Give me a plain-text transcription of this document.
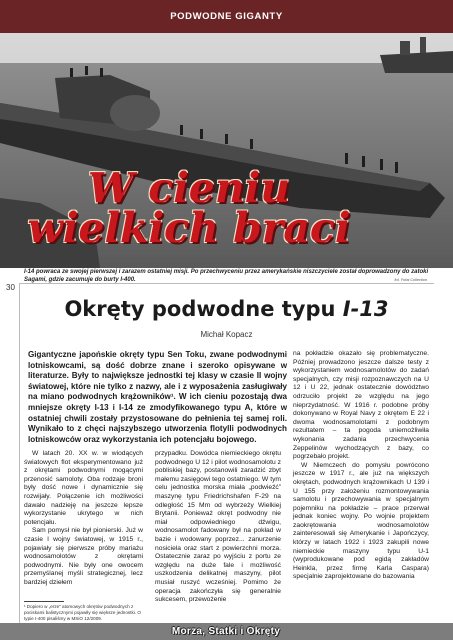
PODWODNE GIGANTY
W cieniu
wielkich braci
I-14 powraca ze swojej pierwszej i zarazem ostatniej misji. Po przechwyceniu przez amerykańskie niszczyciele został doprowadzony do zatoki Sagami, gdzie zacumuje do burty I-400.	fot. Fofal Collection
30
Okręty podwodne typu I-13
Michał Kopacz
Gigantyczne japońskie okręty typu Sen Toku, zwane podwodnymi lotniskowcami, są dość dobrze znane i szeroko opisywane w literaturze. Były to największe jednostki tej klasy w czasie II wojny światowej, które nie tylko z nazwy, ale i z wyposażenia zasługiwały na miano podwodnych krążowników¹. W ich cieniu pozostają dwa mniejsze okręty I-13 i I-14 ze zmodyfikowanego typu A, które w ostatniej chwili zostały przystosowane do pełnienia tej samej roli. Wynikało to z chęci najszybszego utworzenia flotylli podwodnych lotniskowców oraz wykorzystania ich potencjału bojowego.

W latach 20. XX w. w wiodących światowych flot eksperymentowano już z okrętami podwodnymi mogącymi przenosić samoloty. Oba rodzaje broni były dość nowe i dynamicznie się rozwijały. Połączenie ich możliwości dawało nadzieję na jeszcze lepsze wykorzystanie ukrytego w nich potencjału.

Sam pomysł nie był pionierski. Już w czasie I wojny światowej, w 1915 r., pojawiały się pierwsze próby mariażu wodnosamolotów z okrętami podwodnymi. Nie były one owocem przemyślanej myśli strategicznej, lecz bardziej dziełem

przypadku. Dowódca niemieckiego okrętu podwodnego U 12 i pilot wodnosamolotu z pobliskiej bazy, postanowili zaradzić zbyt małemu zasięgowi tego ostatniego. W tym celu jednostka morska miała „podwieźć” maszynę typu Friedrichshafen F-29 na odległość 15 Mm od wybrzeży Wielkiej Brytanii. Ponieważ okręt podwodny nie miał odpowiedniego dźwigu, wodnosamolot fadowany był na pokład w bazie i wodowany poprzez... zanurzenie nosiciela oraz start z powierzchni morza. Ostatecznie zaraz po wyjściu z portu ze względu na duże fale i możliwość uszkodzenia delikatnej maszyny, pilot musiał ruszyć wcześniej. Pomimo że operacja zakończyła się generalnie sukcesem, przewożenie

na pokładzie okazało się problematyczne. Później prowadzono jeszcze dalsze testy z wykorzystaniem wodnosamolotów do zadań specjalnych, czy misji rozpoznawczych na U 12 i U 22, jednak ostatecznie dowództwo odrzuciło projekt ze względu na jego nieprzydatność. W 1916 r. podobne próby dokonywano w Royal Navy z okrętem E 22 i dwoma wodnosamolotami z podobnym rezultatem – ta pogoda uniemożliwiła wykonania zadania przechwycenia Zeppelinów wychodzących z bazy, co pogrzebało projekt.

W Niemczech do pomysłu powrócono jeszcze w 1917 r., ale już na większych okrętach, podwodnych krążownikach U 139 i U 155 przy założeniu rozmontowywania samolotu i przechowywania w specjalnym pojemniku na pokładzie – prace przerwał jednak koniec wojny. Po wojnie projektem zaokrętowania wodnosamolotów zainteresowali się Amerykanie i Japończycy, którzy w latach 1922 i 1923 zakupili nowe niemieckie maszyny typu U-1 (wyprodukowane pod egidą zakładów Heinkla, przez firmę Karla Caspara) specjalnie zaprojektowane do bazowania

¹ Dopiero w „erze” atomowych okrętów podwodnych z pociskami balistycznymi pojawiły się większe jednostki. O typie I-400 pisaliśmy w MSiO 12/2009.
Morza, Statki i Okręty
